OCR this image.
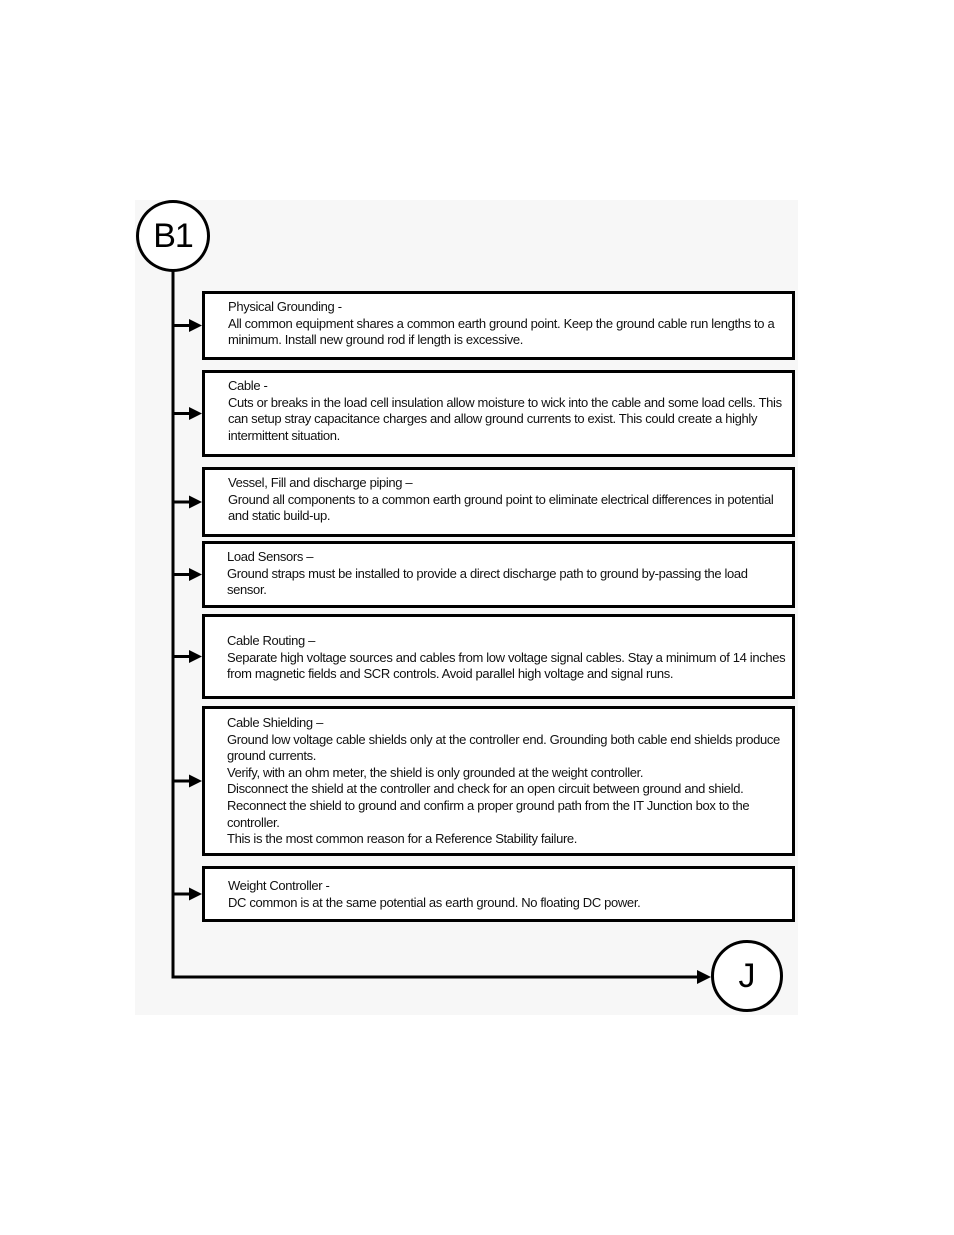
B1
Physical Grounding -
All common equipment shares a common earth ground point. Keep the ground cable run lengths to a minimum. Install new ground rod if length is excessive.
Cable -
Cuts or breaks in the load cell insulation allow moisture to wick into the cable and some load cells. This can setup stray capacitance charges and allow ground currents to exist. This could create a highly intermittent situation.
Vessel, Fill and discharge piping –
Ground all components to a common earth ground point to eliminate electrical differences in potential and static build-up.
Load Sensors –
Ground straps must be installed to provide a direct discharge path to ground by-passing the load sensor.
Cable Routing –
Separate high voltage sources and cables from low voltage signal cables. Stay a minimum of 14 inches from magnetic fields and SCR controls. Avoid parallel high voltage and signal runs.
Cable Shielding –
Ground low voltage cable shields only at the controller end. Grounding both cable end shields produce ground currents.
Verify, with an ohm meter, the shield is only grounded at the weight controller.
Disconnect the shield at the controller and check for an open circuit between ground and shield.
Reconnect the shield to ground and confirm a proper ground path from the IT Junction box to the controller.
This is the most common reason for a Reference Stability failure.
Weight Controller -
DC common is at the same potential as earth ground. No floating DC power.
J
